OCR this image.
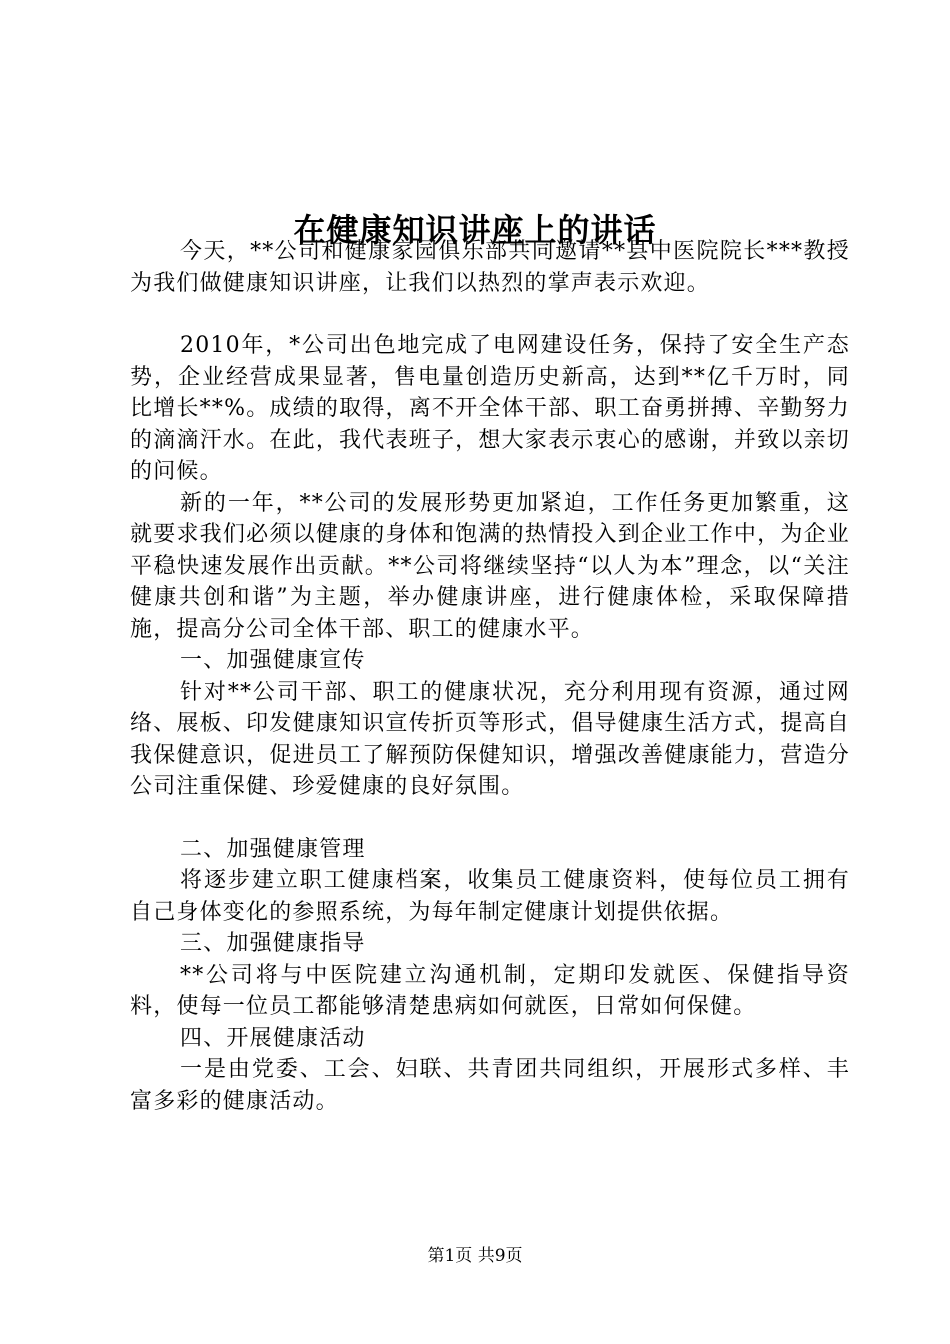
在健康知识讲座上的讲话

今天，**公司和健康家园俱乐部共同邀请**县中医院院长***教授为我们做健康知识讲座，让我们以热烈的掌声表示欢迎。

2010年，*公司出色地完成了电网建设任务，保持了安全生产态势，企业经营成果显著，售电量创造历史新高，达到**亿千万时，同比增长**%。成绩的取得，离不开全体干部、职工奋勇拼搏、辛勤努力的滴滴汗水。在此，我代表班子，想大家表示衷心的感谢，并致以亲切的问候。

新的一年，**公司的发展形势更加紧迫，工作任务更加繁重，这就要求我们必须以健康的身体和饱满的热情投入到企业工作中，为企业平稳快速发展作出贡献。**公司将继续坚持“以人为本”理念，以“关注健康共创和谐”为主题，举办健康讲座，进行健康体检，采取保障措施，提高分公司全体干部、职工的健康水平。

一、加强健康宣传

针对**公司干部、职工的健康状况，充分利用现有资源，通过网络、展板、印发健康知识宣传折页等形式，倡导健康生活方式，提高自我保健意识，促进员工了解预防保健知识，增强改善健康能力，营造分公司注重保健、珍爱健康的良好氛围。

二、加强健康管理

将逐步建立职工健康档案，收集员工健康资料，使每位员工拥有自己身体变化的参照系统，为每年制定健康计划提供依据。

三、加强健康指导

**公司将与中医院建立沟通机制，定期印发就医、保健指导资料，使每一位员工都能够清楚患病如何就医，日常如何保健。

四、开展健康活动

一是由党委、工会、妇联、共青团共同组织，开展形式多样、丰富多彩的健康活动。

第1页 共9页
